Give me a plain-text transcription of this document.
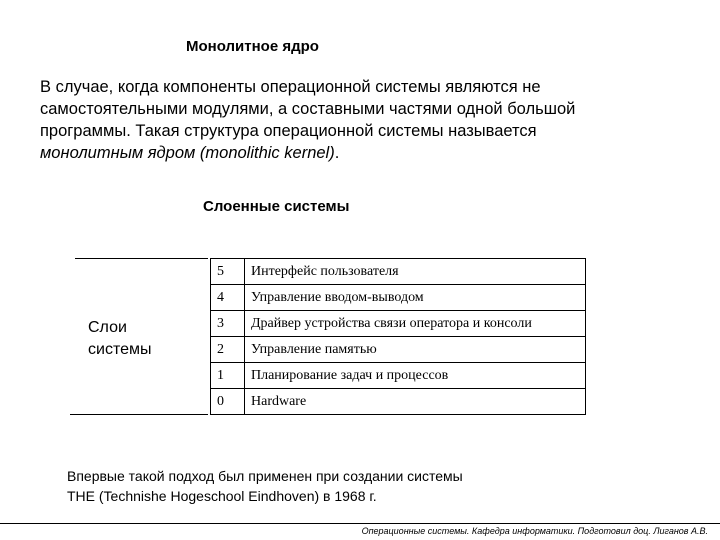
Монолитное ядро
В случае, когда компоненты операционной системы являются не
самостоятельными модулями, а составными частями одной большой
программы. Такая структура операционной системы называется
монолитным ядром (monolithic kernel).
Слоенные системы
Слои
системы
5	Интерфейс пользователя
4	Управление вводом-выводом
3	Драйвер устройства связи оператора и консоли
2	Управление памятью
1	Планирование задач и процессов
0	Hardware
Впервые такой подход был применен при создании системы
THE (Technishe Hogeschool Eindhoven) в 1968 г.
Операционные системы. Кафедра информатики. Подготовил доц. Лиганов А.В.
